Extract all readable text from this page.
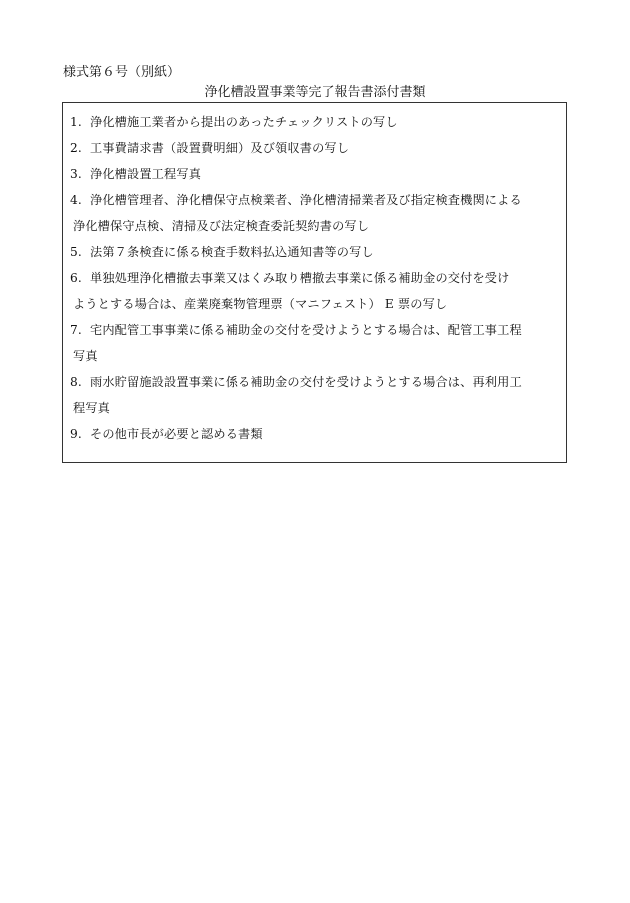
様式第６号（別紙）
浄化槽設置事業等完了報告書添付書類
1. 浄化槽施工業者から提出のあったチェックリストの写し
2. 工事費請求書（設置費明細）及び領収書の写し
3. 浄化槽設置工程写真
4. 浄化槽管理者、浄化槽保守点検業者、浄化槽清掃業者及び指定検査機関による
浄化槽保守点検、清掃及び法定検査委託契約書の写し
5. 法第７条検査に係る検査手数料払込通知書等の写し
6. 単独処理浄化槽撤去事業又はくみ取り槽撤去事業に係る補助金の交付を受け
ようとする場合は、産業廃棄物管理票（マニフェスト） E 票の写し
7. 宅内配管工事事業に係る補助金の交付を受けようとする場合は、配管工事工程
写真
8. 雨水貯留施設設置事業に係る補助金の交付を受けようとする場合は、再利用工
程写真
9. その他市長が必要と認める書類
